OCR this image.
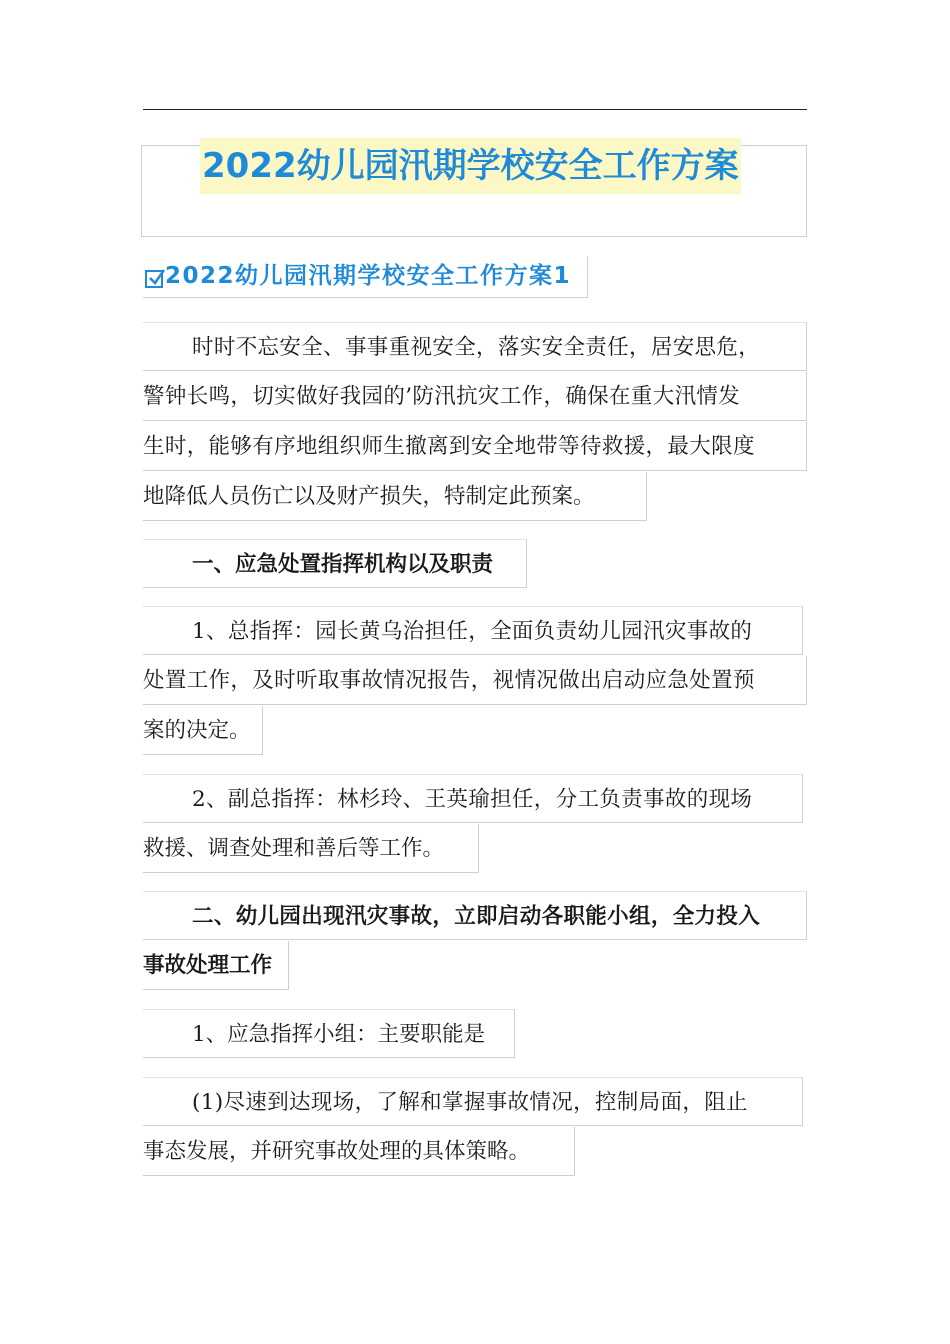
2022幼儿园汛期学校安全工作方案
2022幼儿园汛期学校安全工作方案1
时时不忘安全、事事重视安全，落实安全责任，居安思危，
警钟长鸣，切实做好我园的’防汛抗灾工作，确保在重大汛情发
生时，能够有序地组织师生撤离到安全地带等待救援，最大限度
地降低人员伤亡以及财产损失，特制定此预案。
一、应急处置指挥机构以及职责
1、总指挥：园长黄乌治担任，全面负责幼儿园汛灾事故的
处置工作，及时听取事故情况报告，视情况做出启动应急处置预
案的决定。
2、副总指挥：林杉玲、王英瑜担任，分工负责事故的现场
救援、调查处理和善后等工作。
二、幼儿园出现汛灾事故，立即启动各职能小组，全力投入
事故处理工作
1、应急指挥小组：主要职能是
(1)尽速到达现场，了解和掌握事故情况，控制局面，阻止
事态发展，并研究事故处理的具体策略。
